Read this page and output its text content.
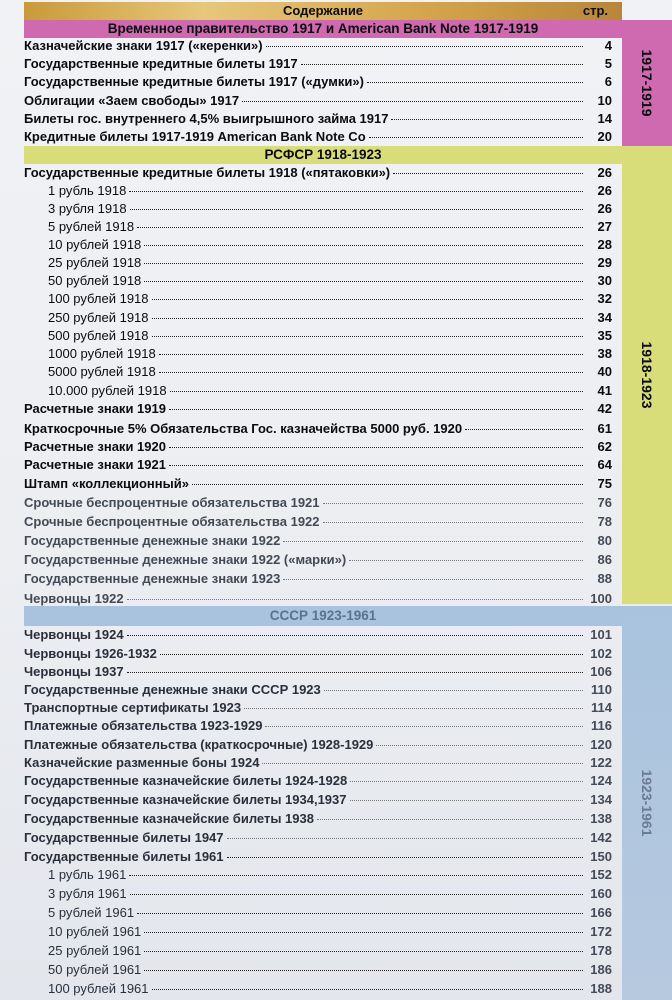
Содержание	стр.
Временное правительство 1917 и American Bank Note 1917-1919
1917-1919
РСФСР 1918-1923
1918-1923
СССР 1923-1961
1923-1961
Казначейские знаки 1917 («керенки»)	4
Государственные кредитные билеты 1917	5
Государственные кредитные билеты 1917 («думки»)	6
Облигации «Заем свободы» 1917	10
Билеты гос. внутреннего 4,5% выигрышного займа 1917	14
Кредитные билеты 1917-1919 American Bank Note Co	20
Государственные кредитные билеты 1918 («пятаковки»)	26
1 рубль 1918	26
3 рубля 1918	26
5 рублей 1918	27
10 рублей 1918	28
25 рублей 1918	29
50 рублей 1918	30
100 рублей 1918	32
250 рублей 1918	34
500 рублей 1918	35
1000 рублей 1918	38
5000 рублей 1918	40
10.000 рублей 1918	41
Расчетные знаки 1919	42
Краткосрочные 5% Обязательства Гос. казначейства 5000 руб. 1920	61
Расчетные знаки 1920	62
Расчетные знаки 1921	64
Штамп «коллекционный»	75
Срочные беспроцентные обязательства 1921	76
Срочные беспроцентные обязательства 1922	78
Государственные денежные знаки 1922	80
Государственные денежные знаки 1922 («марки»)	86
Государственные денежные знаки 1923	88
Червонцы 1922	100
Червонцы 1924	101
Червонцы 1926-1932	102
Червонцы 1937	106
Государственные денежные знаки СССР 1923	110
Транспортные сертификаты 1923	114
Платежные обязательства 1923-1929	116
Платежные обязательства (краткосрочные) 1928-1929	120
Казначейские разменные боны 1924	122
Государственные казначейские билеты 1924-1928	124
Государственные казначейские билеты 1934,1937	134
Государственные казначейские билеты 1938	138
Государственные билеты 1947	142
Государственные билеты 1961	150
1 рубль 1961	152
3 рубля 1961	160
5 рублей 1961	166
10 рублей 1961	172
25 рублей 1961	178
50 рублей 1961	186
100 рублей 1961	188
